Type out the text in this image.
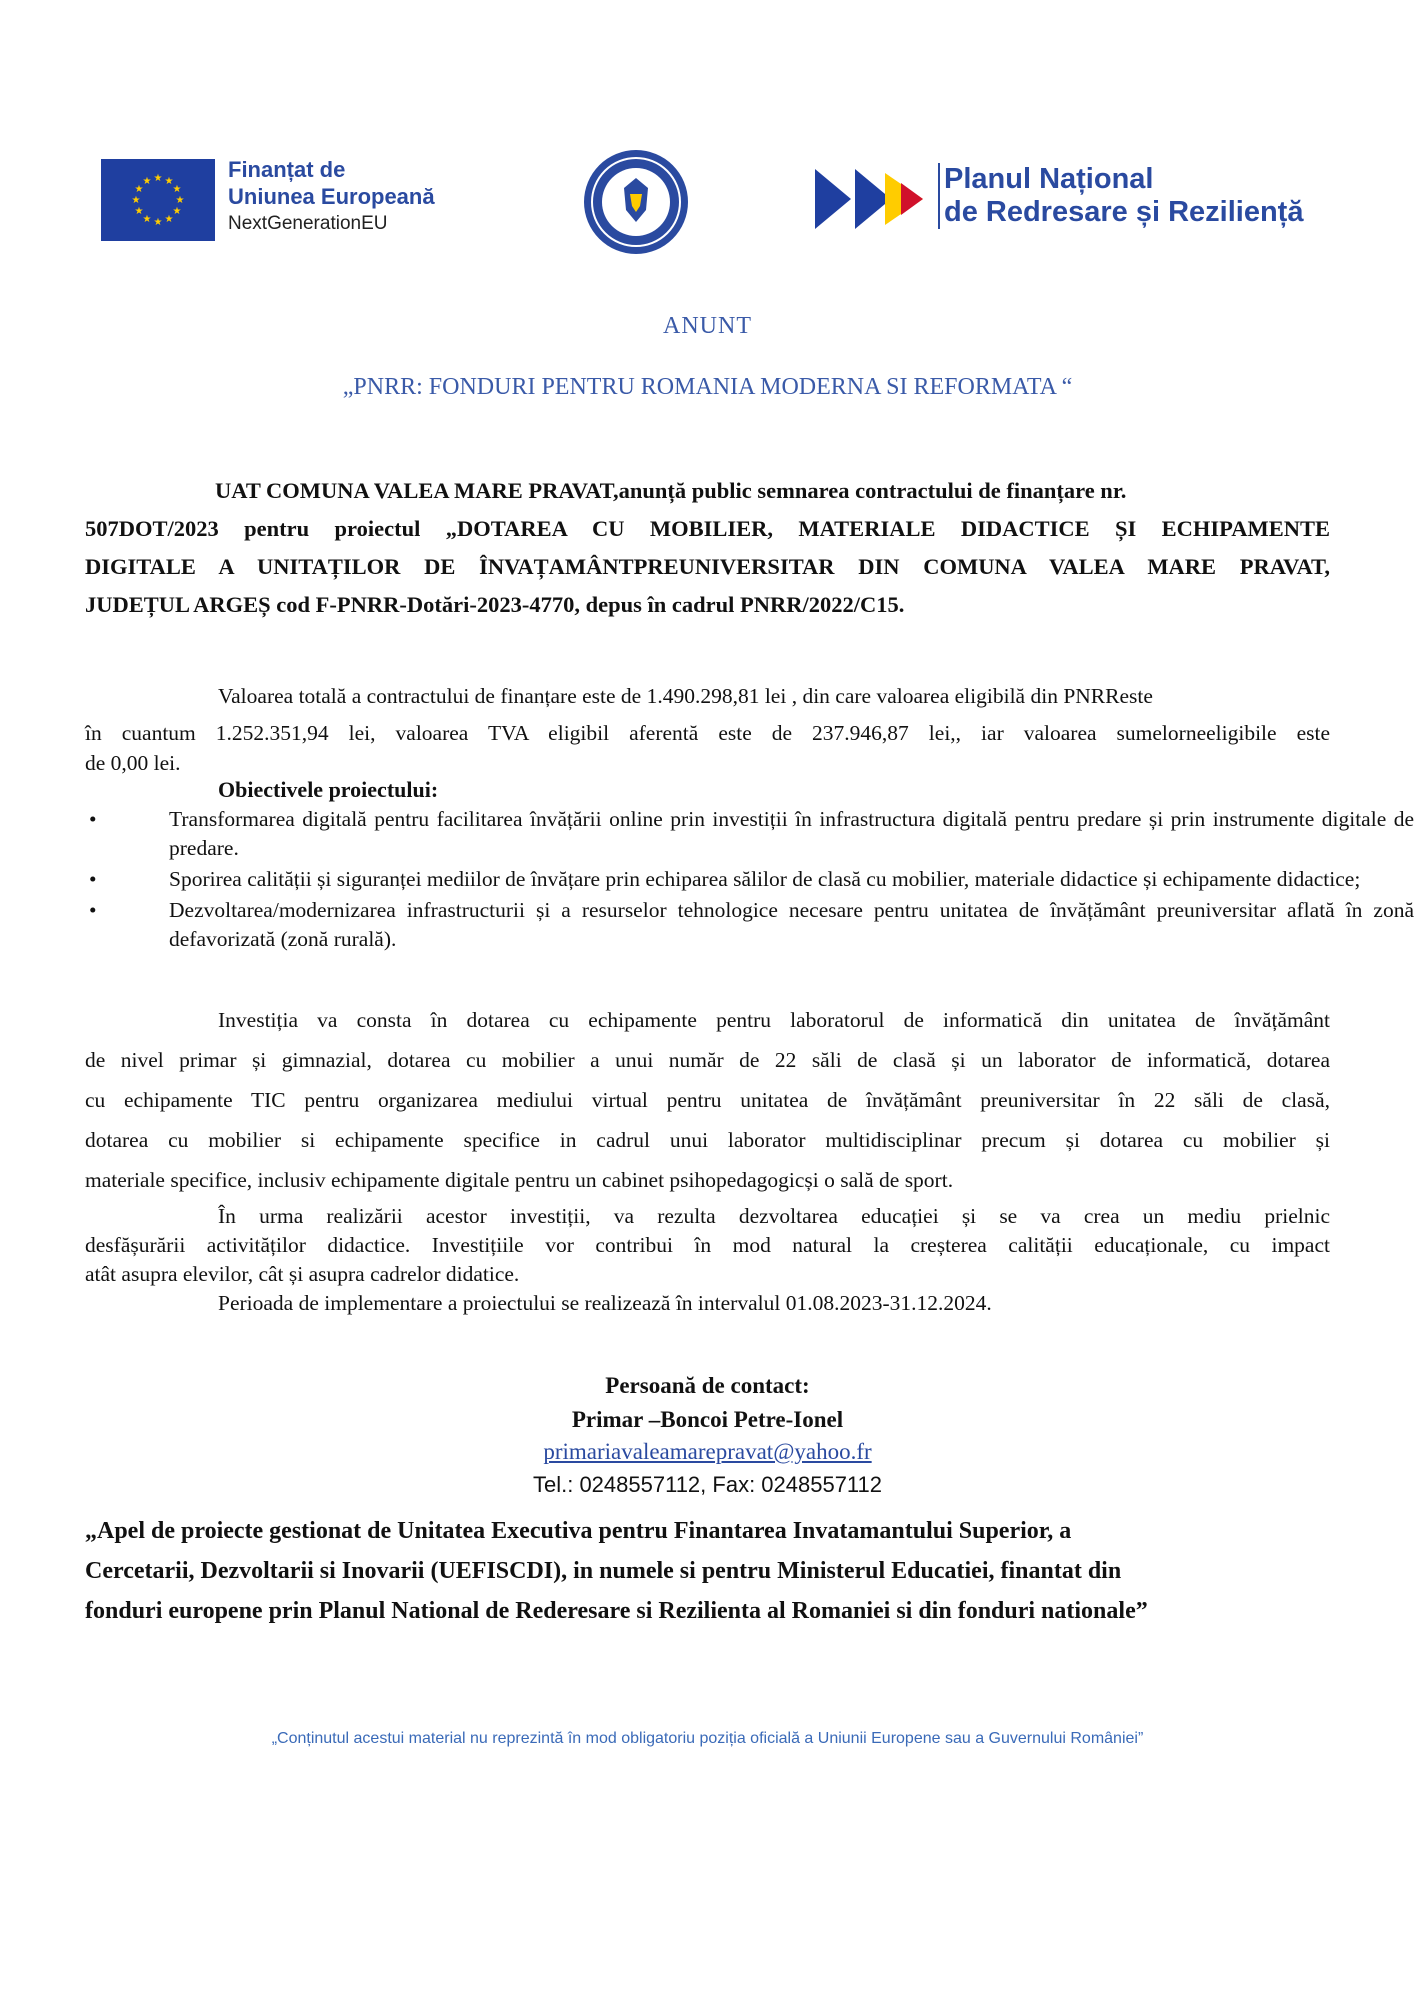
★ ★
★
★
★
★
★
★
★
★
★
★	Finanțat de
Uniunea Europeană
NextGenerationEU
Planul Național
de Redresare și Reziliență
ANUNT
„PNRR: FONDURI PENTRU ROMANIA MODERNA SI REFORMATA “
UAT COMUNA VALEA MARE PRAVAT,anunță public semnarea contractului de finanțare nr.
507DOT/2023 pentru proiectul „DOTAREA CU MOBILIER, MATERIALE DIDACTICE ȘI ECHIPAMENTE
DIGITALE A UNITAȚILOR DE ÎNVAȚAMÂNTPREUNIVERSITAR DIN COMUNA VALEA MARE PRAVAT,
JUDEȚUL ARGEȘ cod F-PNRR-Dotări-2023-4770, depus în cadrul PNRR/2022/C15.
Valoarea totală a contractului de finanțare este de 1.490.298,81 lei , din care valoarea eligibilă din PNRReste
în cuantum 1.252.351,94 lei, valoarea TVA eligibil aferentă este de 237.946,87 lei,, iar valoarea sumelorneeligibile este
de 0,00 lei.
Obiectivele proiectului:
• Transformarea digitală pentru facilitarea învățării online prin investiții în infrastructura digitală pentru predare și prin instrumente digitale de predare.
• Sporirea calității și siguranței mediilor de învățare prin echiparea sălilor de clasă cu mobilier, materiale didactice și echipamente didactice;
• Dezvoltarea/modernizarea infrastructurii și a resurselor tehnologice necesare pentru unitatea de învățământ preuniversitar aflată în zonă defavorizată (zonă rurală).
Investiția va consta în dotarea cu echipamente pentru laboratorul de informatică din unitatea de învățământ
de nivel primar și gimnazial, dotarea cu mobilier a unui număr de 22 săli de clasă și un laborator de informatică, dotarea
cu echipamente TIC pentru organizarea mediului virtual pentru unitatea de învățământ preuniversitar în 22 săli de clasă,
dotarea cu mobilier si echipamente specifice in cadrul unui laborator multidisciplinar precum și dotarea cu mobilier și
materiale specifice, inclusiv echipamente digitale pentru un cabinet psihopedagogicși o sală de sport.
În urma realizării acestor investiții, va rezulta dezvoltarea educației și se va crea un mediu prielnic
desfășurării activităților didactice. Investițiile vor contribui în mod natural la creșterea calității educaționale, cu impact
atât asupra elevilor, cât și asupra cadrelor didatice.
Perioada de implementare a proiectului se realizează în intervalul 01.08.2023-31.12.2024.
Persoană de contact:
Primar –Boncoi Petre-Ionel
primariavaleamarepravat@yahoo.fr
Tel.: 0248557112, Fax: 0248557112
„Apel de proiecte gestionat de Unitatea Executiva pentru Finantarea Invatamantului Superior, a
Cercetarii, Dezvoltarii si Inovarii (UEFISCDI), in numele si pentru Ministerul Educatiei, finantat din
fonduri europene prin Planul National de Rederesare si Rezilienta al Romaniei si din fonduri nationale”
„Conținutul acestui material nu reprezintă în mod obligatoriu poziția oficială a Uniunii Europene sau a Guvernului României”
